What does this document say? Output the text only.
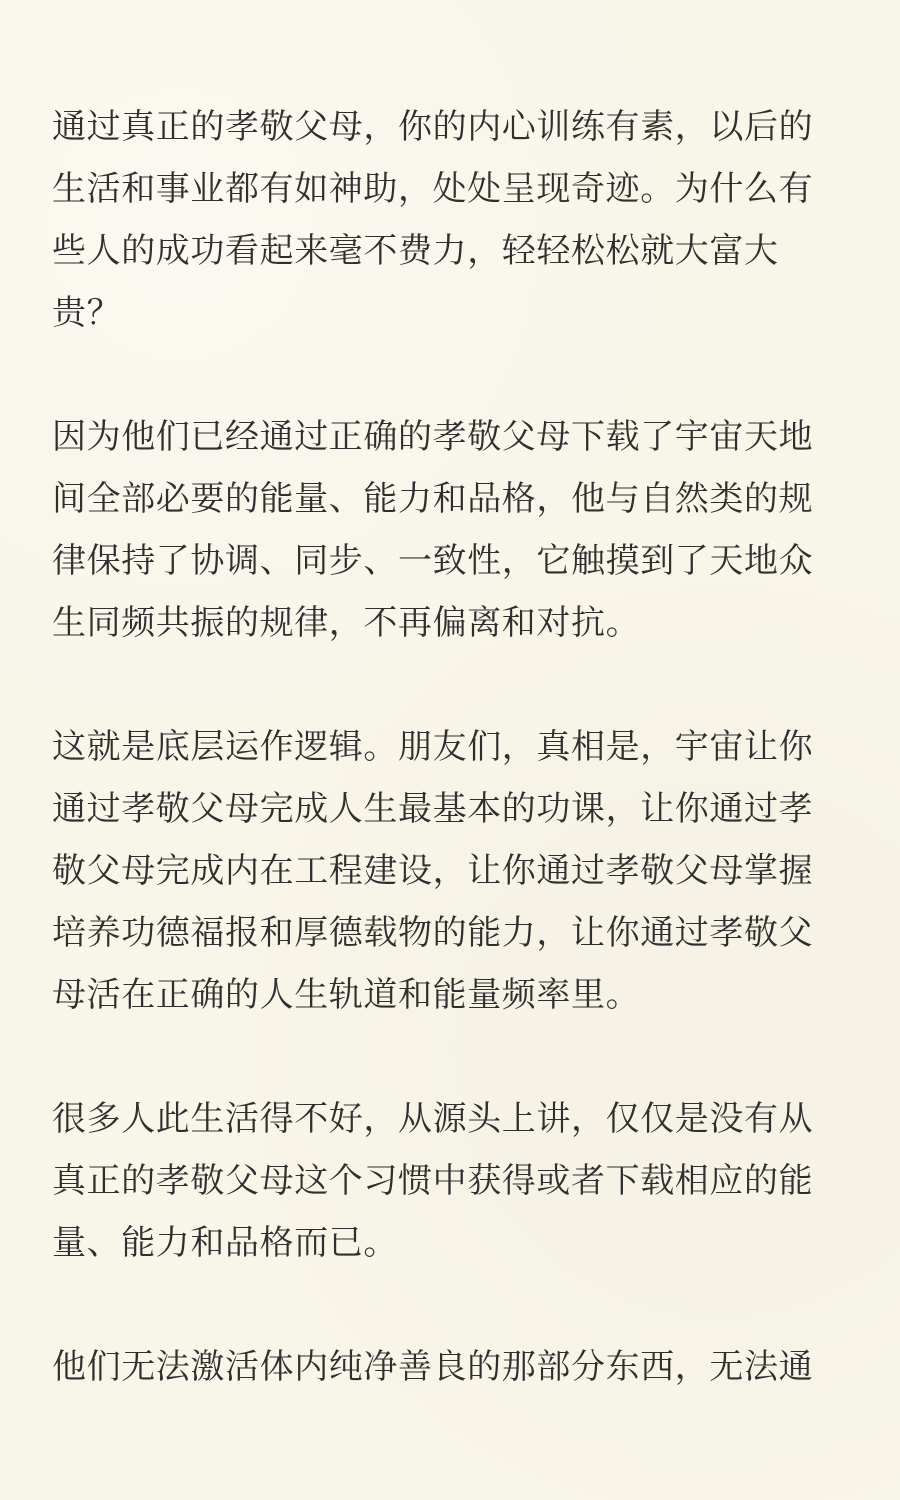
通过真正的孝敬父母，你的内心训练有素，以后的
生活和事业都有如神助，处处呈现奇迹。为什么有
些人的成功看起来毫不费力，轻轻松松就大富大
贵？

因为他们已经通过正确的孝敬父母下载了宇宙天地
间全部必要的能量、能力和品格，他与自然类的规
律保持了协调、同步、一致性，它触摸到了天地众
生同频共振的规律，不再偏离和对抗。

这就是底层运作逻辑。朋友们，真相是，宇宙让你
通过孝敬父母完成人生最基本的功课，让你通过孝
敬父母完成内在工程建设，让你通过孝敬父母掌握
培养功德福报和厚德载物的能力，让你通过孝敬父
母活在正确的人生轨道和能量频率里。

很多人此生活得不好，从源头上讲，仅仅是没有从
真正的孝敬父母这个习惯中获得或者下载相应的能
量、能力和品格而已。

他们无法激活体内纯净善良的那部分东西，无法通
